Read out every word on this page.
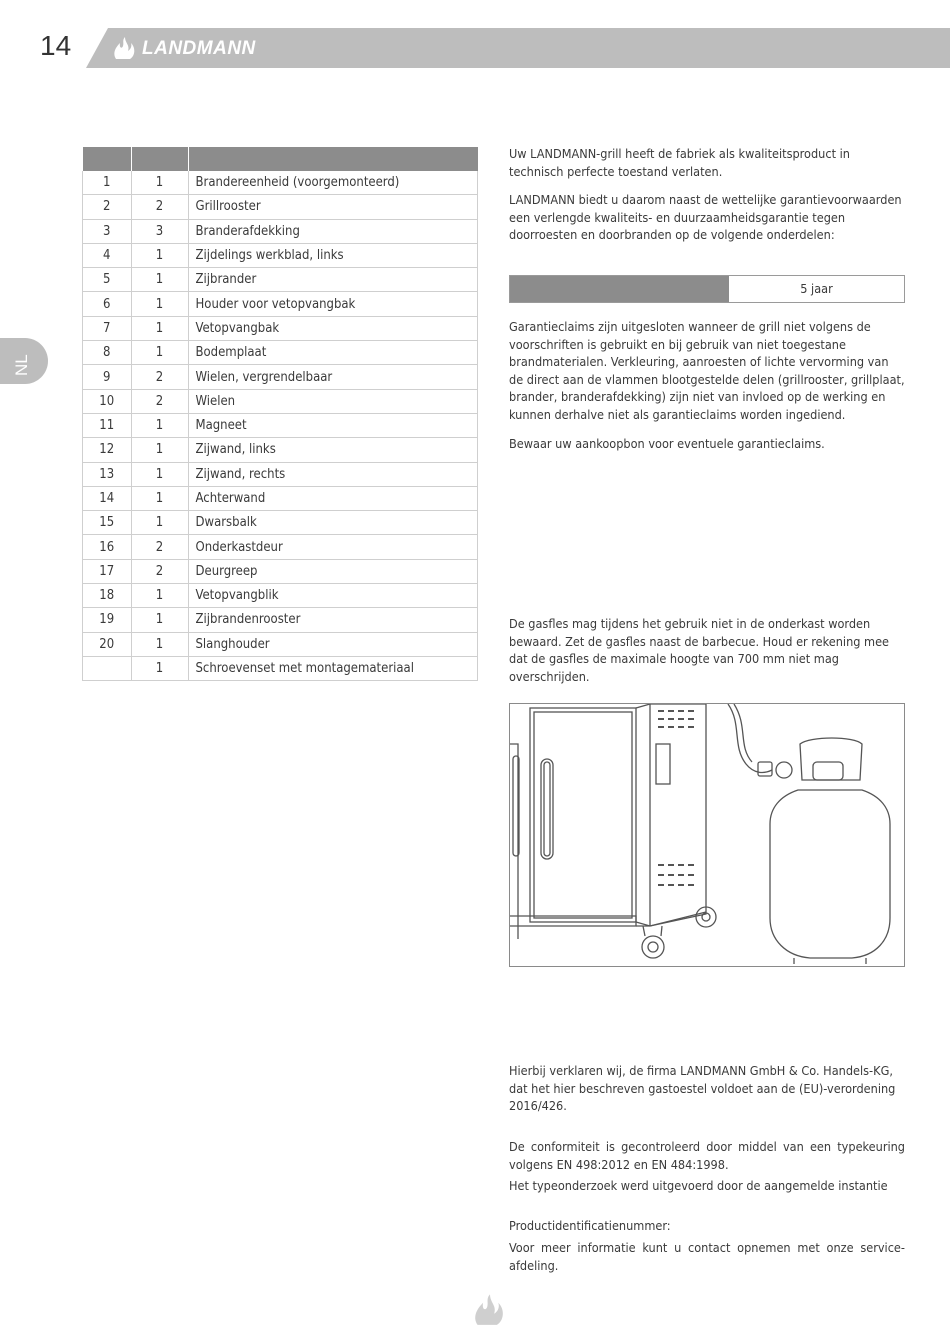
14	LANDMANN
NL

1	1	Brandereenheid (voorgemonteerd)
2	2	Grillrooster
3	3	Branderafdekking
4	1	Zijdelings werkblad, links
5	1	Zijbrander
6	1	Houder voor vetopvangbak
7	1	Vetopvangbak
8	1	Bodemplaat
9	2	Wielen, vergrendelbaar
10	2	Wielen
11	1	Magneet
12	1	Zijwand, links
13	1	Zijwand, rechts
14	1	Achterwand
15	1	Dwarsbalk
16	2	Onderkastdeur
17	2	Deurgreep
18	1	Vetopvangblik
19	1	Zijbrandenrooster
20	1	Slanghouder
	1	Schroevenset met montagemateriaal

Uw LANDMANN-grill heeft de fabriek als kwaliteitsproduct in technisch perfecte toestand verlaten.

LANDMANN biedt u daarom naast de wettelijke garantievoorwaarden een verlengde kwaliteits- en duurzaamheidsgarantie tegen doorroesten en doorbranden op de volgende onderdelen:

5 jaar

Garantieclaims zijn uitgesloten wanneer de grill niet volgens de voorschriften is gebruikt en bij gebruik van niet toegestane brandmaterialen. Verkleuring, aanroesten of lichte vervorming van de direct aan de vlammen blootgestelde delen (grillrooster, grillplaat, brander, branderafdekking) zijn niet van invloed op de werking en kunnen derhalve niet als garantieclaims worden ingediend.

Bewaar uw aankoopbon voor eventuele garantieclaims.

De gasfles mag tijdens het gebruik niet in de onderkast worden bewaard. Zet de gasfles naast de barbecue. Houd er rekening mee dat de gasfles de maximale hoogte van 700 mm niet mag overschrijden.

Hierbij verklaren wij, de firma LANDMANN GmbH & Co. Handels-KG, dat het hier beschreven gastoestel voldoet aan de (EU)-verordening 2016/426.

De conformiteit is gecontroleerd door middel van een typekeuring volgens EN 498:2012 en EN 484:1998.

Het typeonderzoek werd uitgevoerd door de aangemelde instantie

Productidentificatienummer:

Voor meer informatie kunt u contact opnemen met onze service-afdeling.
